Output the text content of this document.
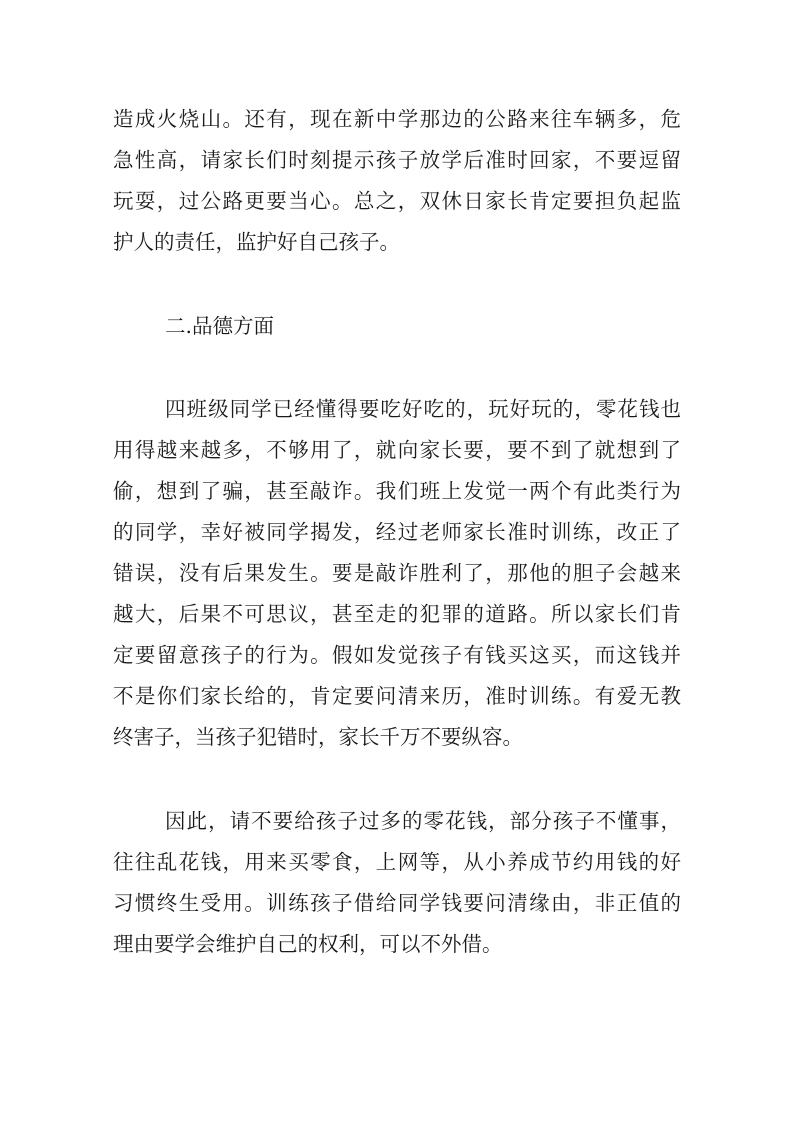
造成火烧山。还有，现在新中学那边的公路来往车辆多，危
急性高，请家长们时刻提示孩子放学后准时回家，不要逗留
玩耍，过公路更要当心。总之，双休日家长肯定要担负起监
护人的责任，监护好自己孩子。
二.品德方面
四班级同学已经懂得要吃好吃的，玩好玩的，零花钱也
用得越来越多，不够用了，就向家长要，要不到了就想到了
偷，想到了骗，甚至敲诈。我们班上发觉一两个有此类行为
的同学，幸好被同学揭发，经过老师家长准时训练，改正了
错误，没有后果发生。要是敲诈胜利了，那他的胆子会越来
越大，后果不可思议，甚至走的犯罪的道路。所以家长们肯
定要留意孩子的行为。假如发觉孩子有钱买这买，而这钱并
不是你们家长给的，肯定要问清来历，准时训练。有爱无教
终害子，当孩子犯错时，家长千万不要纵容。
因此，请不要给孩子过多的零花钱，部分孩子不懂事，
往往乱花钱，用来买零食，上网等，从小养成节约用钱的好
习惯终生受用。训练孩子借给同学钱要问清缘由，非正值的
理由要学会维护自己的权利，可以不外借。
